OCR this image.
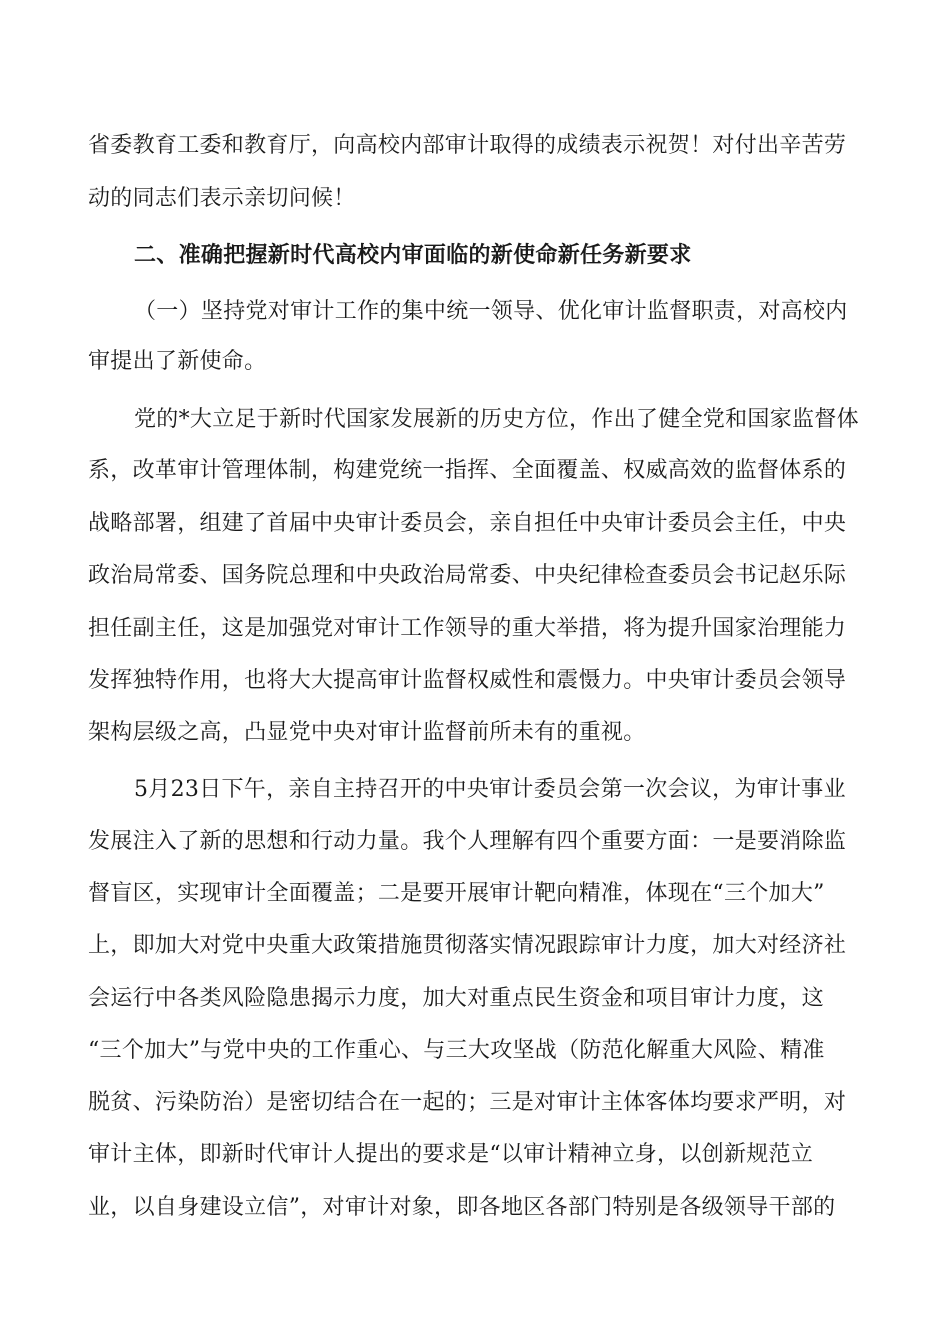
省委教育工委和教育厅，向高校内部审计取得的成绩表示祝贺！对付出辛苦劳
动的同志们表示亲切问候！
二、准确把握新时代高校内审面临的新使命新任务新要求
（一）坚持党对审计工作的集中统一领导、优化审计监督职责，对高校内
审提出了新使命。
党的*大立足于新时代国家发展新的历史方位，作出了健全党和国家监督体
系，改革审计管理体制，构建党统一指挥、全面覆盖、权威高效的监督体系的
战略部署，组建了首届中央审计委员会，亲自担任中央审计委员会主任，中央
政治局常委、国务院总理和中央政治局常委、中央纪律检查委员会书记赵乐际
担任副主任，这是加强党对审计工作领导的重大举措，将为提升国家治理能力
发挥独特作用，也将大大提高审计监督权威性和震慑力。中央审计委员会领导
架构层级之高，凸显党中央对审计监督前所未有的重视。
5月23日下午，亲自主持召开的中央审计委员会第一次会议，为审计事业
发展注入了新的思想和行动力量。我个人理解有四个重要方面：一是要消除监
督盲区，实现审计全面覆盖；二是要开展审计靶向精准，体现在“三个加大”
上，即加大对党中央重大政策措施贯彻落实情况跟踪审计力度，加大对经济社
会运行中各类风险隐患揭示力度，加大对重点民生资金和项目审计力度，这
“三个加大”与党中央的工作重心、与三大攻坚战（防范化解重大风险、精准
脱贫、污染防治）是密切结合在一起的；三是对审计主体客体均要求严明，对
审计主体，即新时代审计人提出的要求是“以审计精神立身，以创新规范立
业，以自身建设立信”，对审计对象，即各地区各部门特别是各级领导干部的
